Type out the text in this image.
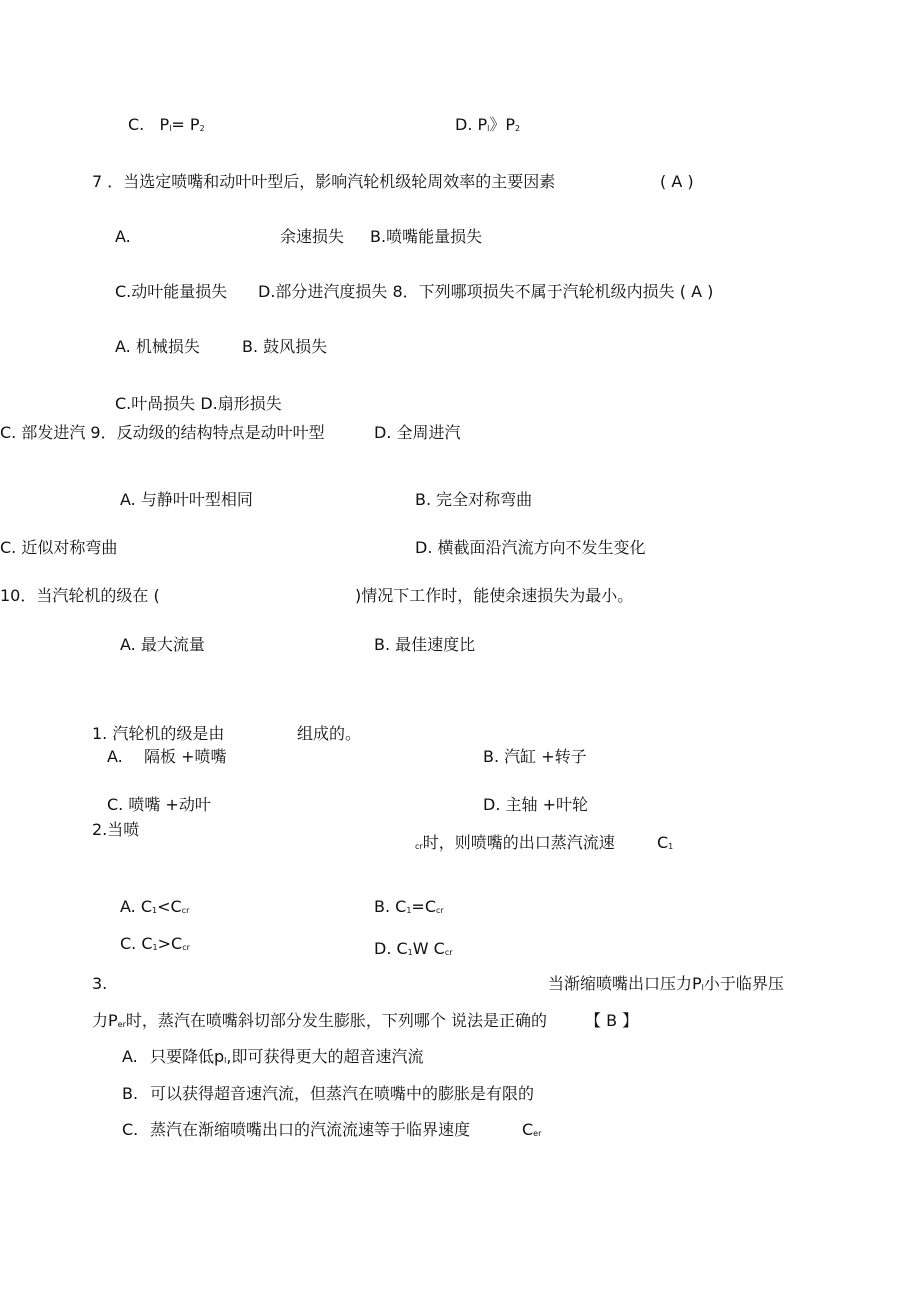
C. Pl= P2	D. Pl》P2
7 ．当选定喷嘴和动叶叶型后，影响汽轮机级轮周效率的主要因素	( A )
A.	余速损失 B.喷嘴能量损失
C.动叶能量损失 D.部分进汽度损失 8．下列哪项损失不属于汽轮机级内损失 ( A )
A. 机械损失	B. 鼓风损失
C.叶咼损失 D.扇形损失
C. 部发进汽 9．反动级的结构特点是动叶叶型	D. 全周进汽
A. 与静叶叶型相同	B. 完全对称弯曲
C. 近似对称弯曲	D. 横截面沿汽流方向不发生变化
10．当汽轮机的级在 (	)情况下工作时，能使余速损失为最小。
A. 最大流量	B. 最佳速度比
1. 汽轮机的级是由	组成的。
A. 隔板 +喷嘴	B. 汽缸 +转子
C. 喷嘴 +动叶	D. 主轴 +叶轮
2.当喷
cr时，则喷嘴的出口蒸汽流速	C1
A. C1<Ccr	B. C1=Ccr
C. C1>Ccr	D. C1W Ccr
3.	当渐缩喷嘴出口压力Pl小于临界压
力Per时，蒸汽在喷嘴斜切部分发生膨胀，下列哪个 说法是正确的 【 B 】
A. 只要降低pl,即可获得更大的超音速汽流
B. 可以获得超音速汽流，但蒸汽在喷嘴中的膨胀是有限的
C. 蒸汽在渐缩喷嘴出口的汽流流速等于临界速度	Cer
